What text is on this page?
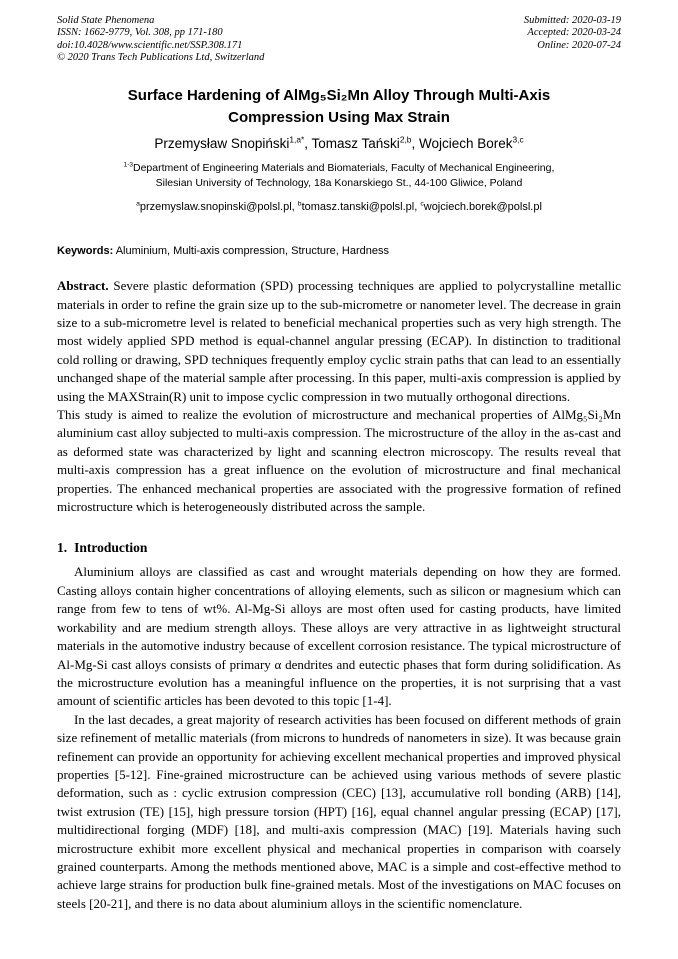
Solid State Phenomena
ISSN: 1662-9779, Vol. 308, pp 171-180
doi:10.4028/www.scientific.net/SSP.308.171
© 2020 Trans Tech Publications Ltd, Switzerland
Submitted: 2020-03-19
Accepted: 2020-03-24
Online: 2020-07-24
Surface Hardening of AlMg₅Si₂Mn Alloy Through Multi-Axis
Compression Using Max Strain
Przemysław Snopiński$^{1,a*}$, Tomasz Tański$^{2,b}$, Wojciech Borek$^{3,c}$
$^{1-3}$Department of Engineering Materials and Biomaterials, Faculty of Mechanical Engineering,
Silesian University of Technology, 18a Konarskiego St., 44-100 Gliwice, Poland
$^a$przemyslaw.snopinski@polsl.pl, $^b$tomasz.tanski@polsl.pl, $^c$wojciech.borek@polsl.pl
Keywords: Aluminium, Multi-axis compression, Structure, Hardness

Abstract. Severe plastic deformation (SPD) processing techniques are applied to polycrystalline metallic materials in order to refine the grain size up to the sub-micrometre or nanometer level. The decrease in grain size to a sub-micrometre level is related to beneficial mechanical properties such as very high strength. The most widely applied SPD method is equal-channel angular pressing (ECAP). In distinction to traditional cold rolling or drawing, SPD techniques frequently employ cyclic strain paths that can lead to an essentially unchanged shape of the material sample after processing. In this paper, multi-axis compression is applied by using the MAXStrain(R) unit to impose cyclic compression in two mutually orthogonal directions.

This study is aimed to realize the evolution of microstructure and mechanical properties of AlMg₅Si₂Mn aluminium cast alloy subjected to multi-axis compression. The microstructure of the alloy in the as-cast and as deformed state was characterized by light and scanning electron microscopy. The results reveal that multi-axis compression has a great influence on the evolution of microstructure and final mechanical properties. The enhanced mechanical properties are associated with the progressive formation of refined microstructure which is heterogeneously distributed across the sample.

1. Introduction

Aluminium alloys are classified as cast and wrought materials depending on how they are formed. Casting alloys contain higher concentrations of alloying elements, such as silicon or magnesium which can range from few to tens of wt%. Al-Mg-Si alloys are most often used for casting products, have limited workability and are medium strength alloys. These alloys are very attractive in as lightweight structural materials in the automotive industry because of excellent corrosion resistance. The typical microstructure of Al-Mg-Si cast alloys consists of primary α dendrites and eutectic phases that form during solidification. As the microstructure evolution has a meaningful influence on the properties, it is not surprising that a vast amount of scientific articles has been devoted to this topic [1-4].

In the last decades, a great majority of research activities has been focused on different methods of grain size refinement of metallic materials (from microns to hundreds of nanometers in size). It was because grain refinement can provide an opportunity for achieving excellent mechanical properties and improved physical properties [5-12]. Fine-grained microstructure can be achieved using various methods of severe plastic deformation, such as : cyclic extrusion compression (CEC) [13], accumulative roll bonding (ARB) [14], twist extrusion (TE) [15], high pressure torsion (HPT) [16], equal channel angular pressing (ECAP) [17], multidirectional forging (MDF) [18], and multi-axis compression (MAC) [19]. Materials having such microstructure exhibit more excellent physical and mechanical properties in comparison with coarsely grained counterparts. Among the methods mentioned above, MAC is a simple and cost-effective method to achieve large strains for production bulk fine-grained metals. Most of the investigations on MAC focuses on steels [20-21], and there is no data about aluminium alloys in the scientific nomenclature.
